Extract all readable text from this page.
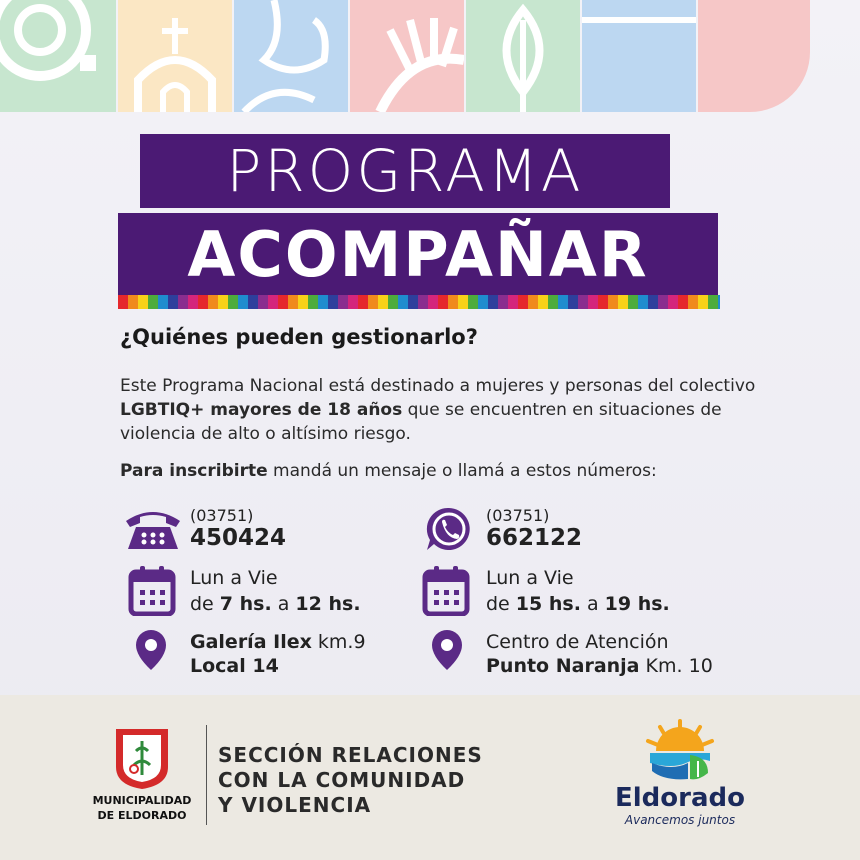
PROGRAMA
ACOMPAÑAR
¿Quiénes pueden gestionarlo?
Este Programa Nacional está destinado a mujeres y personas del colectivo LGBTIQ+ mayores de 18 años que se encuentren en situaciones de violencia de alto o altísimo riesgo.
Para inscribirte mandá un mensaje o llamá a estos números:
(03751)
450424
(03751)
662122
Lun a Vie
de 7 hs. a 12 hs.
Lun a Vie
de 15 hs. a 19 hs.
Galería Ilex km.9
Local 14
Centro de Atención
Punto Naranja Km. 10
MUNICIPALIDAD
DE ELDORADO
SECCIÓN RELACIONES
CON LA COMUNIDAD
Y VIOLENCIA	Eldorado
Avancemos juntos
